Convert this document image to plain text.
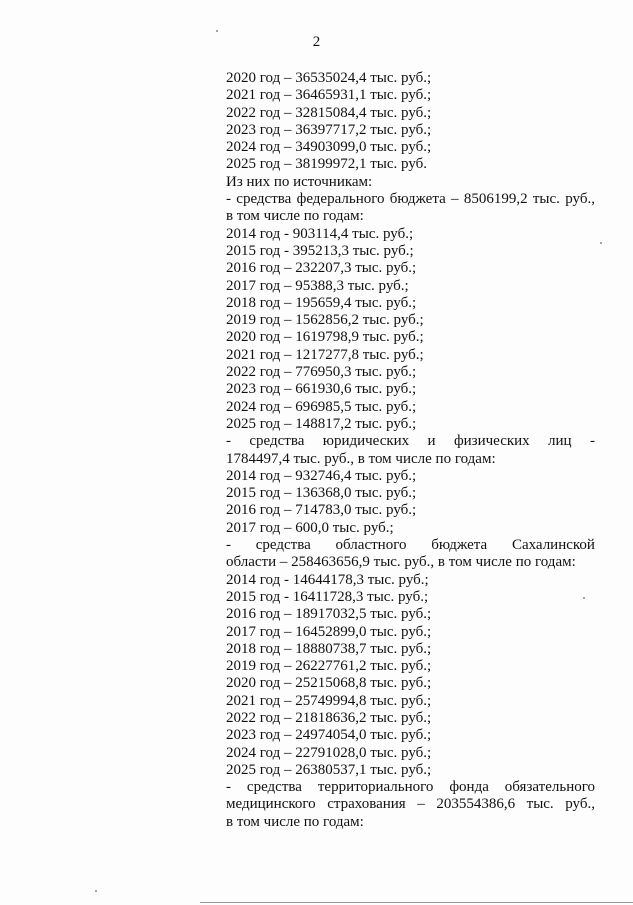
2
2020 год – 36535024,4 тыс. руб.;
2021 год – 36465931,1 тыс. руб.;
2022 год – 32815084,4 тыс. руб.;
2023 год – 36397717,2 тыс. руб.;
2024 год – 34903099,0 тыс. руб.;
2025 год – 38199972,1 тыс. руб.
Из них по источникам:
- средства федерального бюджета – 8506199,2 тыс. руб.,
в том числе по годам:
2014 год - 903114,4 тыс. руб.;
2015 год - 395213,3 тыс. руб.;
2016 год – 232207,3 тыс. руб.;
2017 год – 95388,3 тыс. руб.;
2018 год – 195659,4 тыс. руб.;
2019 год – 1562856,2 тыс. руб.;
2020 год – 1619798,9 тыс. руб.;
2021 год – 1217277,8 тыс. руб.;
2022 год – 776950,3 тыс. руб.;
2023 год – 661930,6 тыс. руб.;
2024 год – 696985,5 тыс. руб.;
2025 год – 148817,2 тыс. руб.;
- средства юридических и физических лиц -
1784497,4 тыс. руб., в том числе по годам:
2014 год – 932746,4 тыс. руб.;
2015 год – 136368,0 тыс. руб.;
2016 год – 714783,0 тыс. руб.;
2017 год – 600,0 тыс. руб.;
- средства областного бюджета Сахалинской
области – 258463656,9 тыс. руб., в том числе по годам:
2014 год - 14644178,3 тыс. руб.;
2015 год - 16411728,3 тыс. руб.;
2016 год – 18917032,5 тыс. руб.;
2017 год – 16452899,0 тыс. руб.;
2018 год – 18880738,7 тыс. руб.;
2019 год – 26227761,2 тыс. руб.;
2020 год – 25215068,8 тыс. руб.;
2021 год – 25749994,8 тыс. руб.;
2022 год – 21818636,2 тыс. руб.;
2023 год – 24974054,0 тыс. руб.;
2024 год – 22791028,0 тыс. руб.;
2025 год – 26380537,1 тыс. руб.;
- средства территориального фонда обязательного
медицинского страхования – 203554386,6 тыс. руб.,
в том числе по годам:
